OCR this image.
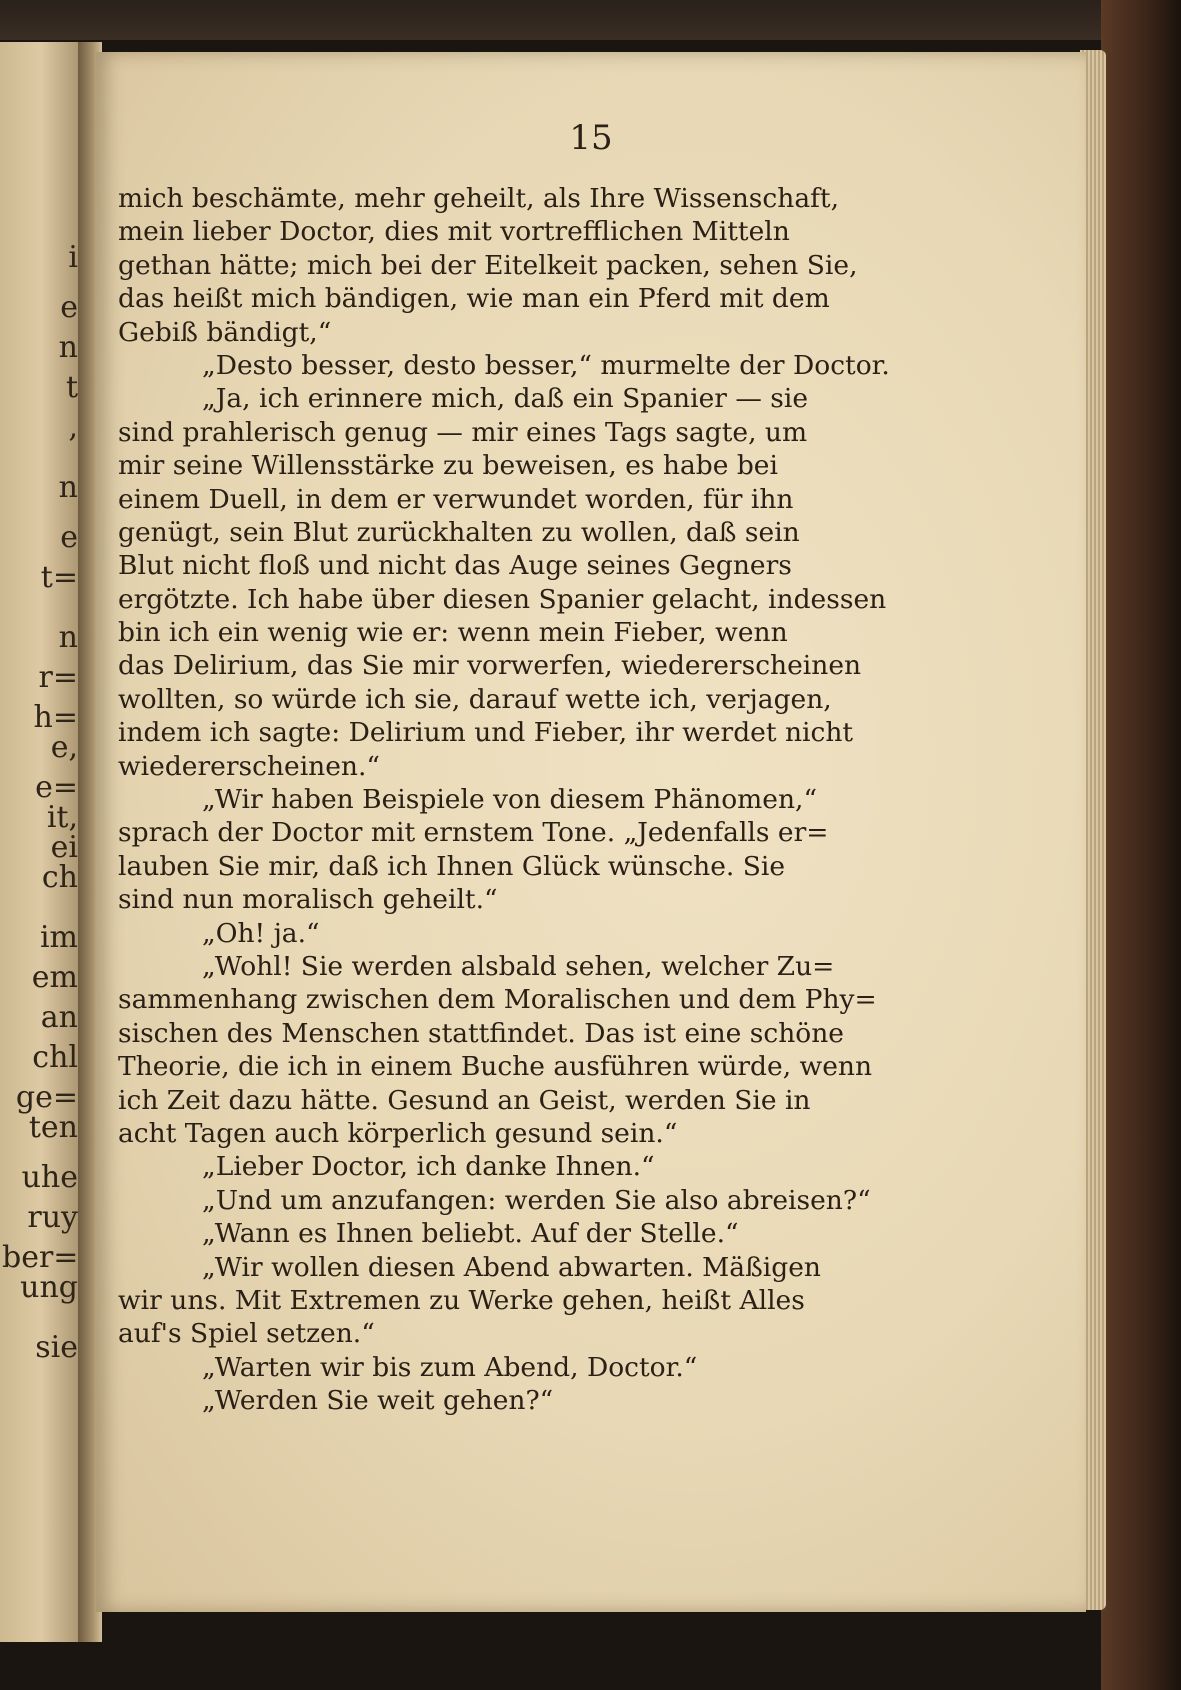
i
e
n
t
,
n
e
t=
n
r=
h=
e,
e=
it,
ei
ch
im
em
an
chl
ge=
ten
uhe
ruy
ber=
ung
sie
15
mich beschämte, mehr geheilt, als Ihre Wissenschaft,
mein lieber Doctor, dies mit vortrefflichen Mitteln
gethan hätte; mich bei der Eitelkeit packen, sehen Sie,
das heißt mich bändigen, wie man ein Pferd mit dem
Gebiß bändigt,“
„Desto besser, desto besser,“ murmelte der Doctor.
„Ja, ich erinnere mich, daß ein Spanier — sie
sind prahlerisch genug — mir eines Tags sagte, um
mir seine Willensstärke zu beweisen, es habe bei
einem Duell, in dem er verwundet worden, für ihn
genügt, sein Blut zurückhalten zu wollen, daß sein
Blut nicht floß und nicht das Auge seines Gegners
ergötzte. Ich habe über diesen Spanier gelacht, indessen
bin ich ein wenig wie er: wenn mein Fieber, wenn
das Delirium, das Sie mir vorwerfen, wiedererscheinen
wollten, so würde ich sie, darauf wette ich, verjagen,
indem ich sagte: Delirium und Fieber, ihr werdet nicht
wiedererscheinen.“
„Wir haben Beispiele von diesem Phänomen,“
sprach der Doctor mit ernstem Tone. „Jedenfalls er=
lauben Sie mir, daß ich Ihnen Glück wünsche. Sie
sind nun moralisch geheilt.“
„Oh! ja.“
„Wohl! Sie werden alsbald sehen, welcher Zu=
sammenhang zwischen dem Moralischen und dem Phy=
sischen des Menschen stattfindet. Das ist eine schöne
Theorie, die ich in einem Buche ausführen würde, wenn
ich Zeit dazu hätte. Gesund an Geist, werden Sie in
acht Tagen auch körperlich gesund sein.“
„Lieber Doctor, ich danke Ihnen.“
„Und um anzufangen: werden Sie also abreisen?“
„Wann es Ihnen beliebt. Auf der Stelle.“
„Wir wollen diesen Abend abwarten. Mäßigen
wir uns. Mit Extremen zu Werke gehen, heißt Alles
auf's Spiel setzen.“
„Warten wir bis zum Abend, Doctor.“
„Werden Sie weit gehen?“
